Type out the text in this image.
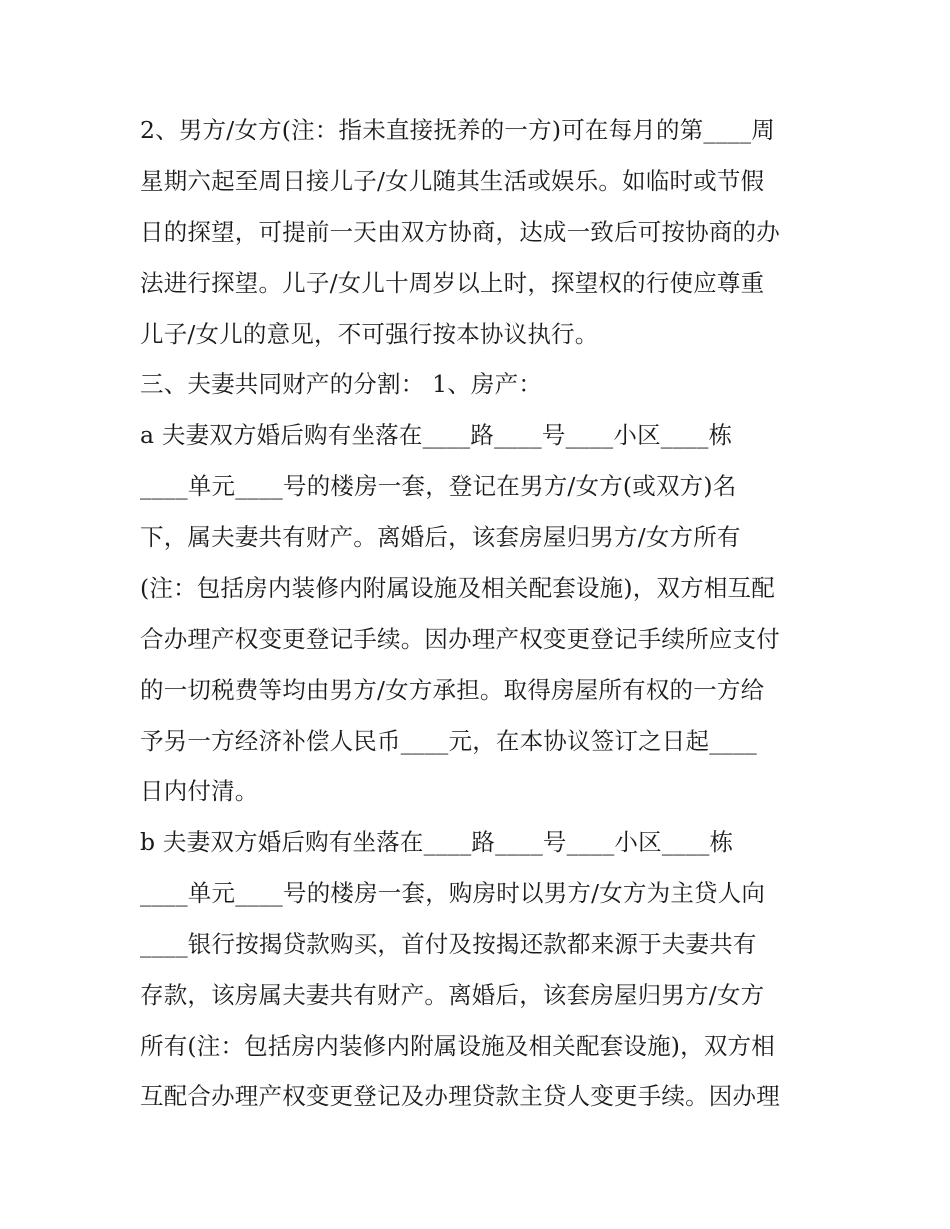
2、男方/女方(注：指未直接抚养的一方)可在每月的第____周
星期六起至周日接儿子/女儿随其生活或娱乐。如临时或节假
日的探望，可提前一天由双方协商，达成一致后可按协商的办
法进行探望。儿子/女儿十周岁以上时，探望权的行使应尊重
儿子/女儿的意见，不可强行按本协议执行。
三、夫妻共同财产的分割： 1、房产：
a 夫妻双方婚后购有坐落在____路____号____小区____栋
____单元____号的楼房一套，登记在男方/女方(或双方)名
下，属夫妻共有财产。离婚后，该套房屋归男方/女方所有
(注：包括房内装修内附属设施及相关配套设施)，双方相互配
合办理产权变更登记手续。因办理产权变更登记手续所应支付
的一切税费等均由男方/女方承担。取得房屋所有权的一方给
予另一方经济补偿人民币____元，在本协议签订之日起____
日内付清。
b 夫妻双方婚后购有坐落在____路____号____小区____栋
____单元____号的楼房一套，购房时以男方/女方为主贷人向
____银行按揭贷款购买，首付及按揭还款都来源于夫妻共有
存款，该房属夫妻共有财产。离婚后，该套房屋归男方/女方
所有(注：包括房内装修内附属设施及相关配套设施)，双方相
互配合办理产权变更登记及办理贷款主贷人变更手续。因办理
